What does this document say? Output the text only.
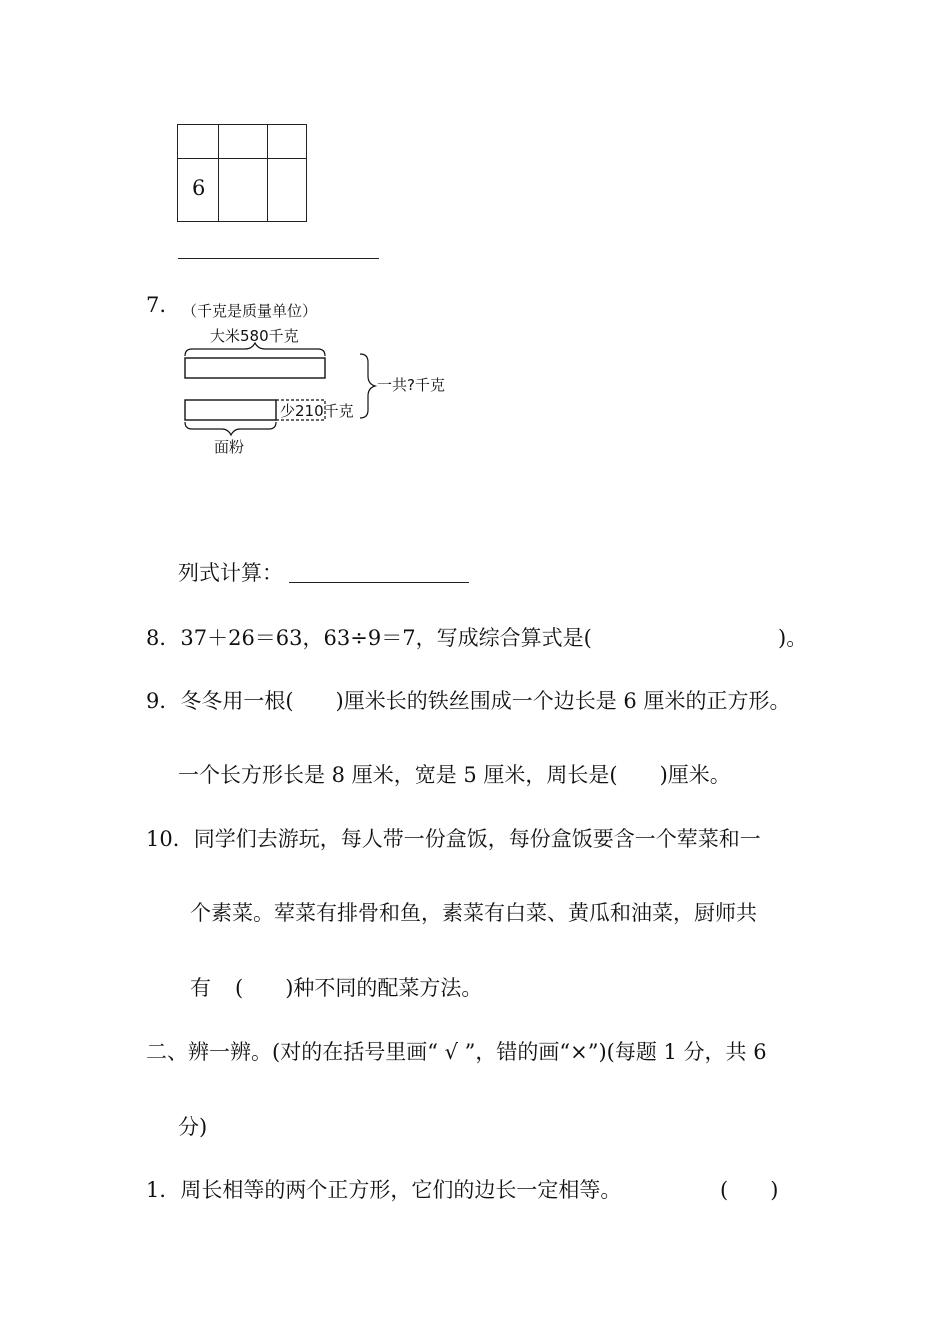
6
7. （千克是质量单位）
大米580千克
少210千克
一共?千克
面粉
列式计算：
8．37＋26＝63，63÷9＝7，写成综合算式是(	)。
9．冬冬用一根(　　)厘米长的铁丝围成一个边长是 6 厘米的正方形。
一个长方形长是 8 厘米，宽是 5 厘米，周长是(　　)厘米。
10．同学们去游玩，每人带一份盒饭，每份盒饭要含一个荤菜和一
个素菜。荤菜有排骨和鱼，素菜有白菜、黄瓜和油菜，厨师共
有 (　　)种不同的配菜方法。
二、辨一辨。(对的在括号里画“ √ ”，错的画“×”)(每题 1 分，共 6
分)
1．周长相等的两个正方形，它们的边长一定相等。	(　　)
